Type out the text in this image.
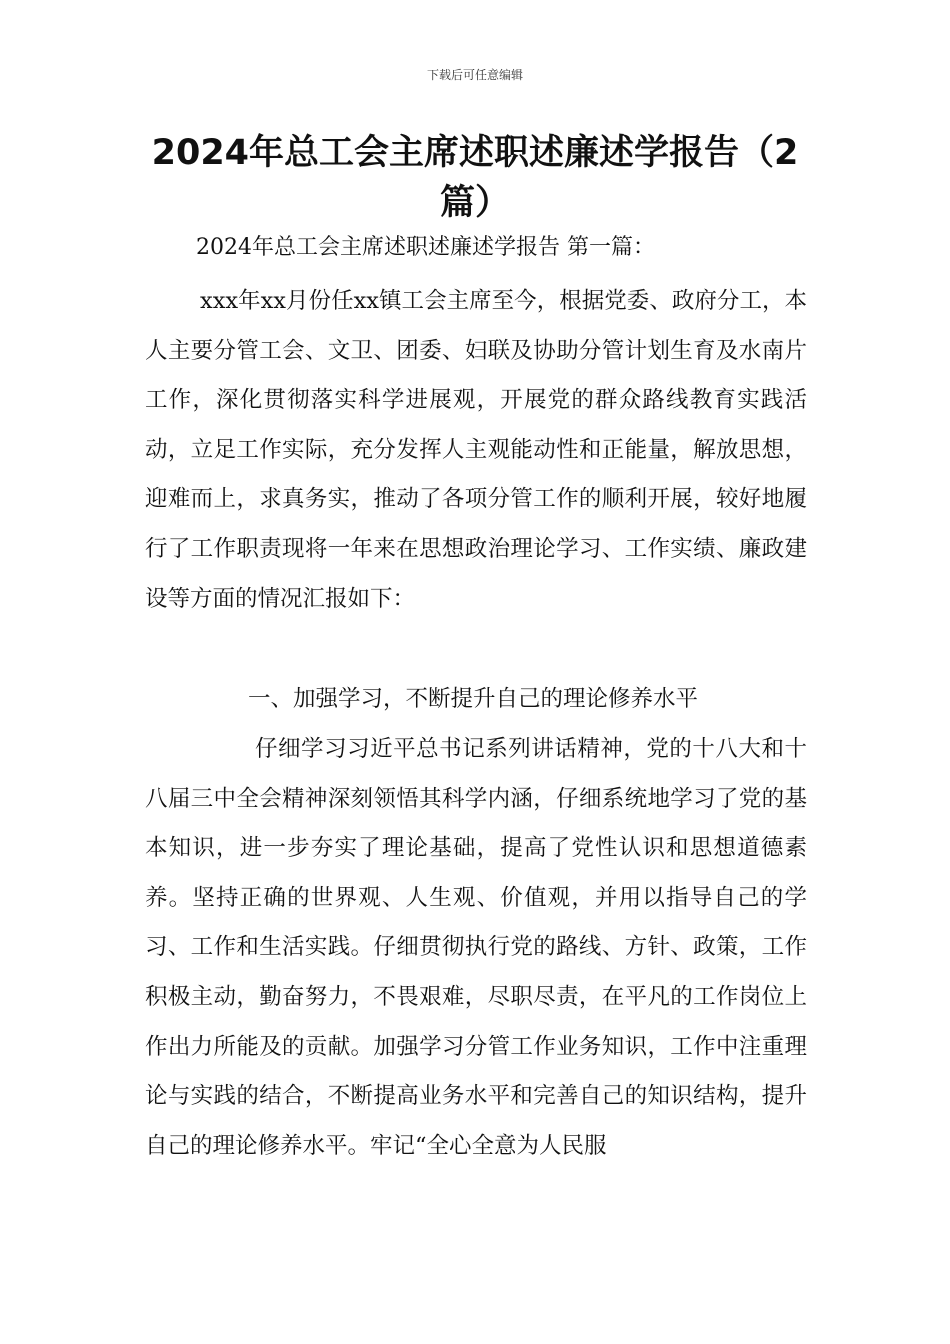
下载后可任意编辑
2024年总工会主席述职述廉述学报告（2篇）
2024年总工会主席述职述廉述学报告 第一篇：
xxx年xx月份任xx镇工会主席至今，根据党委、政府分工，本人主要分管工会、文卫、团委、妇联及协助分管计划生育及水南片工作，深化贯彻落实科学进展观，开展党的群众路线教育实践活动，立足工作实际，充分发挥人主观能动性和正能量，解放思想，迎难而上，求真务实，推动了各项分管工作的顺利开展，较好地履行了工作职责现将一年来在思想政治理论学习、工作实绩、廉政建设等方面的情况汇报如下：
一、加强学习，不断提升自己的理论修养水平
仔细学习习近平总书记系列讲话精神，党的十八大和十八届三中全会精神深刻领悟其科学内涵，仔细系统地学习了党的基本知识，进一步夯实了理论基础，提高了党性认识和思想道德素养。坚持正确的世界观、人生观、价值观，并用以指导自己的学习、工作和生活实践。仔细贯彻执行党的路线、方针、政策，工作积极主动，勤奋努力，不畏艰难，尽职尽责，在平凡的工作岗位上作出力所能及的贡献。加强学习分管工作业务知识，工作中注重理论与实践的结合，不断提高业务水平和完善自己的知识结构，提升自己的理论修养水平。牢记“全心全意为人民服
